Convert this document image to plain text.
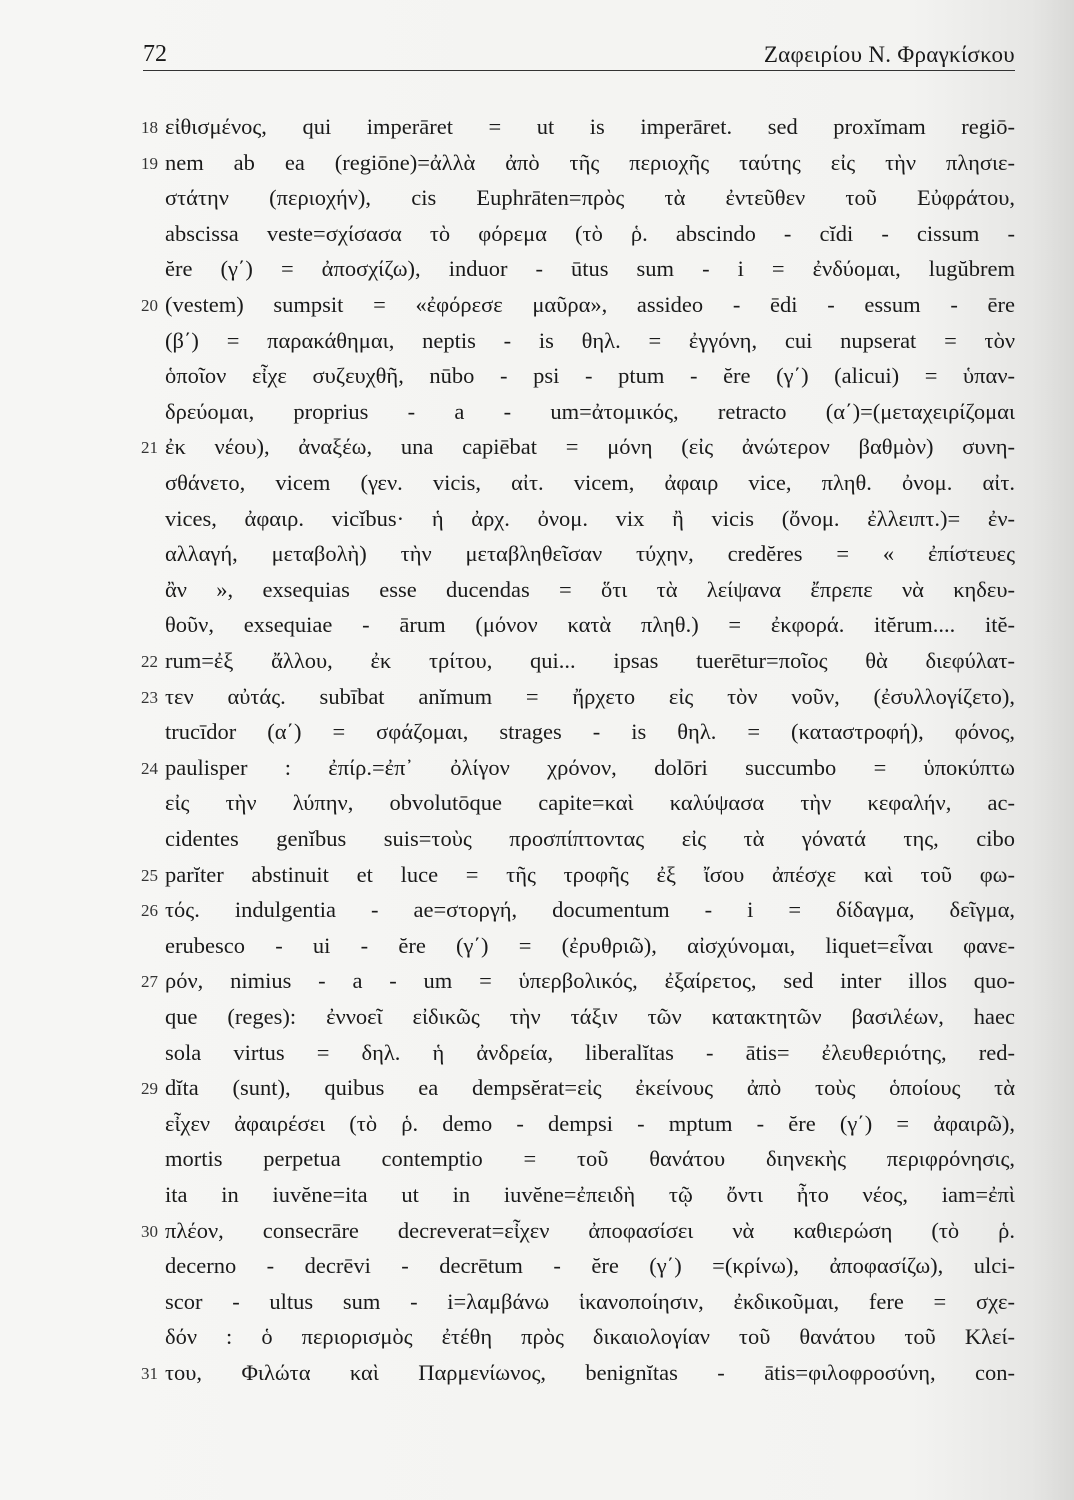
72	Ζαφειρίου Ν. Φραγκίσκου
18 εἰθισμένος, qui imperāret = ut is imperāret. sed proxĭmam regiō-
19 nem ab ea (regiōne)=ἀλλὰ ἀπὸ τῆς περιοχῆς ταύτης εἰς τὴν πλησιε-
στάτην (περιοχήν), cis Euphrāten=πρὸς τὰ ἐντεῦθεν τοῦ Εὐφράτου,
abscissa veste=σχίσασα τὸ φόρεμα (τὸ ῥ. abscindo - cĭdi - cissum -
ĕre (γ΄) = ἀποσχίζω), induor - ūtus sum - i = ἐνδύομαι, lugŭbrem
20 (vestem) sumpsit = «ἐφόρεσε μαῦρα», assideo - ēdi - essum - ēre
(β΄) = παρακάθημαι, neptis - is θηλ. = ἐγγόνη, cui nupserat = τὸν
ὁποῖον εἶχε συζευχθῆ, nūbo - psi - ptum - ĕre (γ΄) (alicui) = ὑπαν-
δρεύομαι, proprius - a - um=ἀτομικός, retracto (α΄)=(μεταχειρίζομαι
21 ἐκ νέου), ἀναξέω, una capiēbat = μόνη (εἰς ἀνώτερον βαθμὸν) συνη-
σθάνετο, vicem (γεν. vicis, αἰτ. vicem, ἀφαιρ vice, πληθ. ὀνομ. αἰτ.
vices, ἀφαιρ. vicĭbus· ἡ ἀρχ. ὀνομ. vix ἢ vicis (ὄνομ. ἐλλειπτ.)= ἐν-
αλλαγή, μεταβολὴ) τὴν μεταβληθεῖσαν τύχην, credĕres = « ἐπίστευες
ἂν », exsequias esse ducendas = ὅτι τὰ λείψανα ἔπρεπε νὰ κηδευ-
θοῦν, exsequiae - ārum (μόνον κατὰ πληθ.) = ἐκφορά. itĕrum.... itĕ-
22 rum=ἐξ ἄλλου, ἐκ τρίτου, qui... ipsas tuerētur=ποῖος θὰ διεφύλατ-
23 τεν αὐτάς. subībat anĭmum = ἤρχετο εἰς τὸν νοῦν, (ἐσυλλογίζετο),
trucīdor (α΄) = σφάζομαι, strages - is θηλ. = (καταστροφή), φόνος,
24 paulisper : ἐπίρ.=ἐπ᾽ ὀλίγον χρόνον, dolōri succumbo = ὑποκύπτω
εἰς τὴν λύπην, obvolutōque capite=καὶ καλύψασα τὴν κεφαλήν, ac-
cidentes genĭbus suis=τοὺς προσπίπτοντας εἰς τὰ γόνατά της, cibo
25 parĭter abstinuit et luce = τῆς τροφῆς ἐξ ἴσου ἀπέσχε καὶ τοῦ φω-
26 τός. indulgentia - ae=στοργή, documentum - i = δίδαγμα, δεῖγμα,
erubesco - ui - ĕre (γ΄) = (ἐρυθριῶ), αἰσχύνομαι, liquet=εἶναι φανε-
27 ρόν, nimius - a - um = ὑπερβολικός, ἐξαίρετος, sed inter illos quo-
que (reges): ἐννοεῖ εἰδικῶς τὴν τάξιν τῶν κατακτητῶν βασιλέων, haec
sola virtus = δηλ. ἡ ἀνδρεία, liberalĭtas - ātis= ἐλευθεριότης, red-
29 dĭta (sunt), quibus ea dempsĕrat=εἰς ἐκείνους ἀπὸ τοὺς ὁποίους τὰ
εἶχεν ἀφαιρέσει (τὸ ῥ. demo - dempsi - mptum - ĕre (γ΄) = ἀφαιρῶ),
mortis perpetua contemptio = τοῦ θανάτου διηνεκὴς περιφρόνησις,
ita in iuvĕne=ita ut in iuvĕne=ἐπειδὴ τῷ ὄντι ἦτο νέος, iam=ἐπὶ
30 πλέον, consecrāre decreverat=εἶχεν ἀποφασίσει νὰ καθιερώση (τὸ ῥ.
decerno - decrēvi - decrētum - ĕre (γ΄) =(κρίνω), ἀποφασίζω), ulci-
scor - ultus sum - i=λαμβάνω ἱκανοποίησιν, ἐκδικοῦμαι, fere = σχε-
δόν : ὁ περιορισμὸς ἐτέθη πρὸς δικαιολογίαν τοῦ θανάτου τοῦ Κλεί-
31 του, Φιλώτα καὶ Παρμενίωνος, benignĭtas - ātis=φιλοφροσύνη, con-
